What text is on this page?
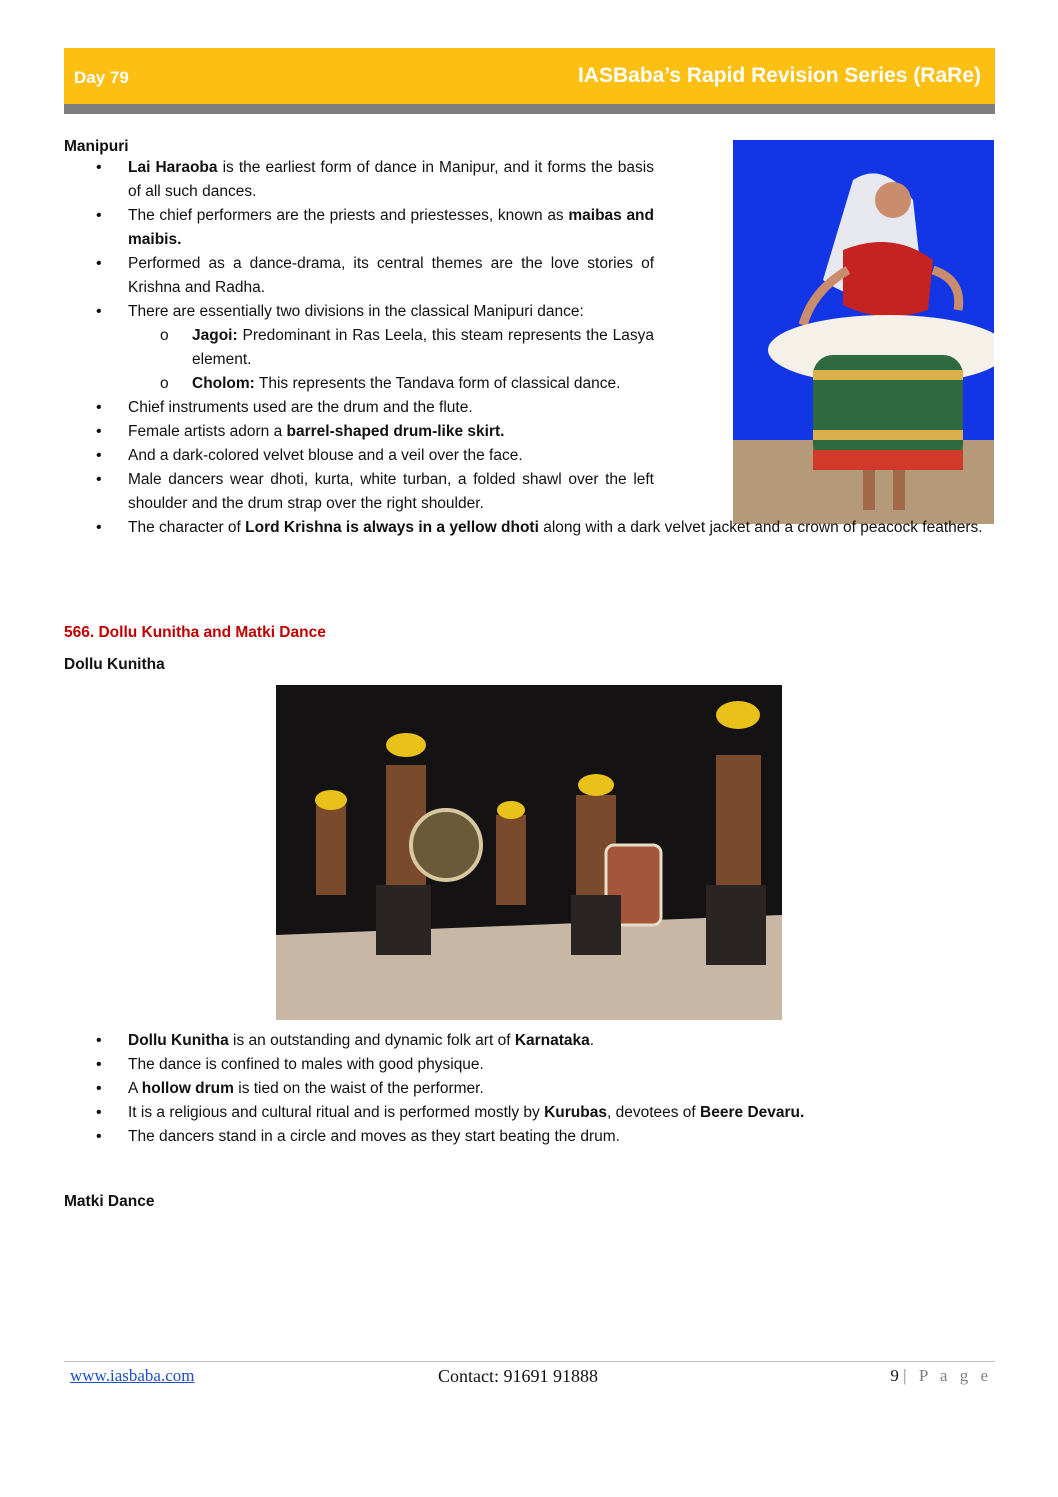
Day 79	IASBaba’s Rapid Revision Series (RaRe)
Manipuri
• Lai Haraoba is the earliest form of dance in Manipur, and it forms the basis of all such dances.
• The chief performers are the priests and priestesses, known as maibas and maibis.
• Performed as a dance-drama, its central themes are the love stories of Krishna and Radha.
• There are essentially two divisions in the classical Manipuri dance:
o Jagoi: Predominant in Ras Leela, this steam represents the Lasya element.
o Cholom: This represents the Tandava form of classical dance.
• Chief instruments used are the drum and the flute.
• Female artists adorn a barrel-shaped drum-like skirt.
• And a dark-colored velvet blouse and a veil over the face.
• Male dancers wear dhoti, kurta, white turban, a folded shawl over the left shoulder and the drum strap over the right shoulder.
• The character of Lord Krishna is always in a yellow dhoti along with a dark velvet jacket and a crown of peacock feathers.
566. Dollu Kunitha and Matki Dance
Dollu Kunitha
• Dollu Kunitha is an outstanding and dynamic folk art of Karnataka.
• The dance is confined to males with good physique.
• A hollow drum is tied on the waist of the performer.
• It is a religious and cultural ritual and is performed mostly by Kurubas, devotees of Beere Devaru.
• The dancers stand in a circle and moves as they start beating the drum.
Matki Dance
www.iasbaba.com	Contact: 91691 91888	9 | P a g e
